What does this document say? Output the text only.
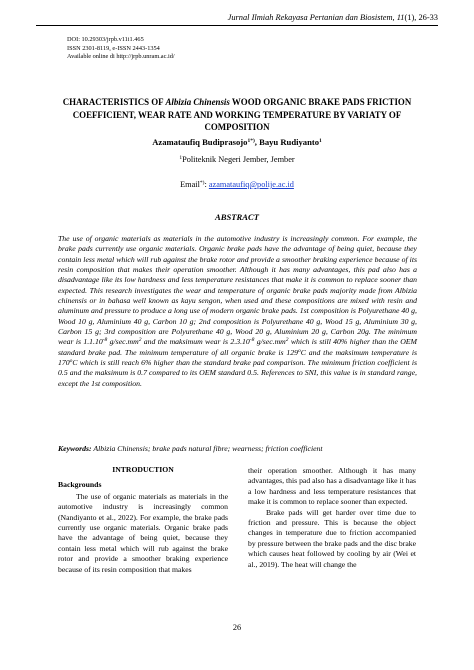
Jurnal Ilmiah Rekayasa Pertanian dan Biosistem, 11(1), 26-33
DOI: 10.29303/jrpb.v11i1.465
ISSN 2301-8119, e-ISSN 2443-1354
Available online di http://jrpb.unram.ac.id/
CHARACTERISTICS OF Albizia Chinensis WOOD ORGANIC BRAKE PADS FRICTION COEFFICIENT, WEAR RATE AND WORKING TEMPERATURE BY VARIATY OF COMPOSITION
Azamataufiq Budiprasojo$^{1*)}$, Bayu Rudiyanto$^1$
$^1$Politeknik Negeri Jember, Jember
Email*): azamataufiq@polije.ac.id
ABSTRACT
The use of organic materials as materials in the automotive industry is increasingly common. For example, the brake pads currently use organic materials. Organic brake pads have the advantage of being quiet, because they contain less metal which will rub against the brake rotor and provide a smoother braking experience because of its resin composition that makes their operation smoother. Although it has many advantages, this pad also has a disadvantage like its low hardness and less temperature resistances that make it is common to replace sooner than expected. This research investigates the wear and temperature of organic brake pads majority made from Albizia chinensis or in bahasa well known as kayu sengon, when used and these compositions are mixed with resin and aluminum and pressure to produce a long use of modern organic brake pads. 1st composition is Polyurethane 40 g, Wood 10 g, Aluminium 40 g, Carbon 10 g; 2nd composition is Polyurethane 40 g, Wood 15 g, Aluminium 30 g, Carbon 15 g; 3rd composition are Polyurethane 40 g, Wood 20 g, Aluminium 20 g, Carbon 20g. The minimum wear is $1.1.10^{-8}$ $g/\sec.mm^2$ and the maksimum wear is $2.3.10^{-8}$ $g/\sec.mm^2$ which is still 40% higher than the OEM standard brake pad. The minimum temperature of all organic brake is 129$^o$C and the maksimum temperature is 170$^o$C which is still reach 6% higher than the standard brake pad comparison. The minimum friction coefficient is 0.5 and the maksimum is 0.7 compared to its OEM standard 0.5. References to SNI, this value is in standard range, except the 1st composition.
Keywords: Albizia Chinensis; brake pads natural fibre; wearness; friction coefficient
INTRODUCTION
Backgrounds

The use of organic materials as materials in the automotive industry is increasingly common (Nandiyanto et al., 2022). For example, the brake pads currently use organic materials. Organic brake pads have the advantage of being quiet, because they contain less metal which will rub against the brake rotor and provide a smoother braking experience because of its resin composition that makes

their operation smoother. Although it has many advantages, this pad also has a disadvantage like it has a low hardness and less temperature resistances that make it is common to replace sooner than expected.

Brake pads will get harder over time due to friction and pressure. This is because the object changes in temperature due to friction accompanied by pressure between the brake pads and the disc brake which causes heat followed by cooling by air (Wei et al., 2019). The heat will change the

26
